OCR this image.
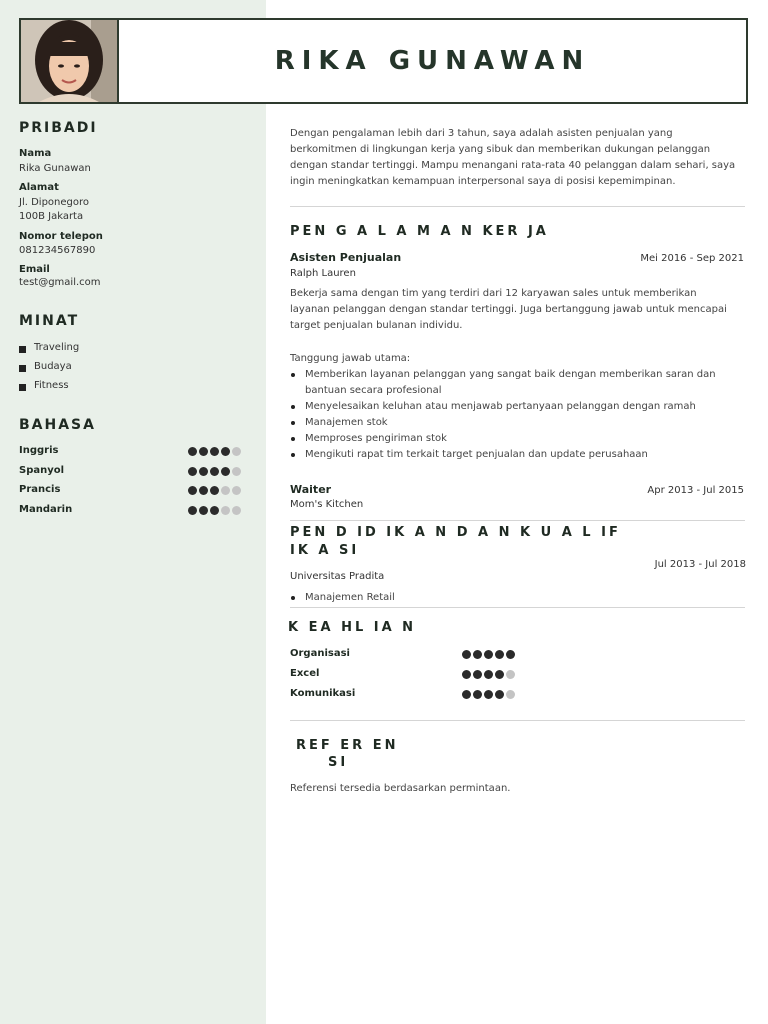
RIKA GUNAWAN
PRIBADI
Nama
Rika Gunawan
Alamat
Jl. Diponegoro
100B Jakarta
Nomor telepon
081234567890
Email
test@gmail.com
MINAT
Traveling
Budaya
Fitness
BAHASA
Inggris
Spanyol
Prancis
Mandarin
Dengan pengalaman lebih dari 3 tahun, saya adalah asisten penjualan yang berkomitmen di lingkungan kerja yang sibuk dan memberikan dukungan pelanggan dengan standar tertinggi. Mampu menangani rata-rata 40 pelanggan dalam sehari, saya ingin meningkatkan kemampuan interpersonal saya di posisi kepemimpinan.
PEN G A L A M A N KER JA
Asisten Penjualan	Mei 2016 - Sep 2021
Ralph Lauren
Bekerja sama dengan tim yang terdiri dari 12 karyawan sales untuk memberikan layanan pelanggan dengan standar tertinggi. Juga bertanggung jawab untuk mencapai target penjualan bulanan individu.
Tanggung jawab utama:
Memberikan layanan pelanggan yang sangat baik dengan memberikan saran dan bantuan secara profesional
Menyelesaikan keluhan atau menjawab pertanyaan pelanggan dengan ramah
Manajemen stok
Memproses pengiriman stok
Mengikuti rapat tim terkait target penjualan dan update perusahaan
Waiter	Apr 2013 - Jul 2015
Mom's Kitchen
PEN D ID IK A N D A N K U A L IF
IK A SI
Jul 2013 - Jul 2018
Universitas Pradita
Manajemen Retail
K EA HL IA N
Organisasi
Excel
Komunikasi
REF ER EN
SI
Referensi tersedia berdasarkan permintaan.
